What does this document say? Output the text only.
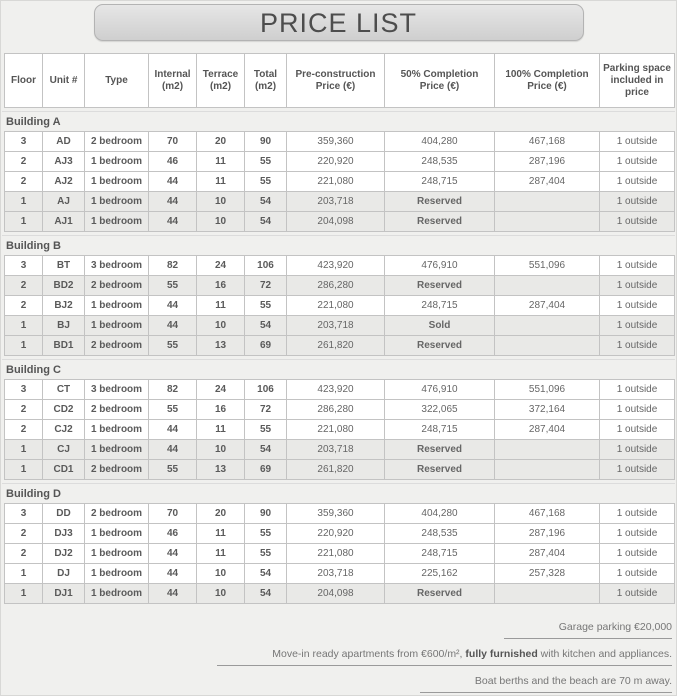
PRICE LIST
Floor	Unit #	Type	Internal (m2)	Terrace (m2)	Total (m2)	Pre-construction Price (€)	50% Completion Price (€)	100% Completion Price (€)	Parking space included in price
Building A
3	AD	2 bedroom	70	20	90	359,360	404,280	467,168	1 outside
2	AJ3	1 bedroom	46	11	55	220,920	248,535	287,196	1 outside
2	AJ2	1 bedroom	44	11	55	221,080	248,715	287,404	1 outside
1	AJ	1 bedroom	44	10	54	203,718	Reserved		1 outside
1	AJ1	1 bedroom	44	10	54	204,098	Reserved		1 outside
Building B
3	BT	3 bedroom	82	24	106	423,920	476,910	551,096	1 outside
2	BD2	2 bedroom	55	16	72	286,280	Reserved		1 outside
2	BJ2	1 bedroom	44	11	55	221,080	248,715	287,404	1 outside
1	BJ	1 bedroom	44	10	54	203,718	Sold		1 outside
1	BD1	2 bedroom	55	13	69	261,820	Reserved		1 outside
Building C
3	CT	3 bedroom	82	24	106	423,920	476,910	551,096	1 outside
2	CD2	2 bedroom	55	16	72	286,280	322,065	372,164	1 outside
2	CJ2	1 bedroom	44	11	55	221,080	248,715	287,404	1 outside
1	CJ	1 bedroom	44	10	54	203,718	Reserved		1 outside
1	CD1	2 bedroom	55	13	69	261,820	Reserved		1 outside
Building D
3	DD	2 bedroom	70	20	90	359,360	404,280	467,168	1 outside
2	DJ3	1 bedroom	46	11	55	220,920	248,535	287,196	1 outside
2	DJ2	1 bedroom	44	11	55	221,080	248,715	287,404	1 outside
1	DJ	1 bedroom	44	10	54	203,718	225,162	257,328	1 outside
1	DJ1	1 bedroom	44	10	54	204,098	Reserved		1 outside
Garage parking €20,000
Move-in ready apartments from €600/m², fully furnished with kitchen and appliances.
Boat berths and the beach are 70 m away.
